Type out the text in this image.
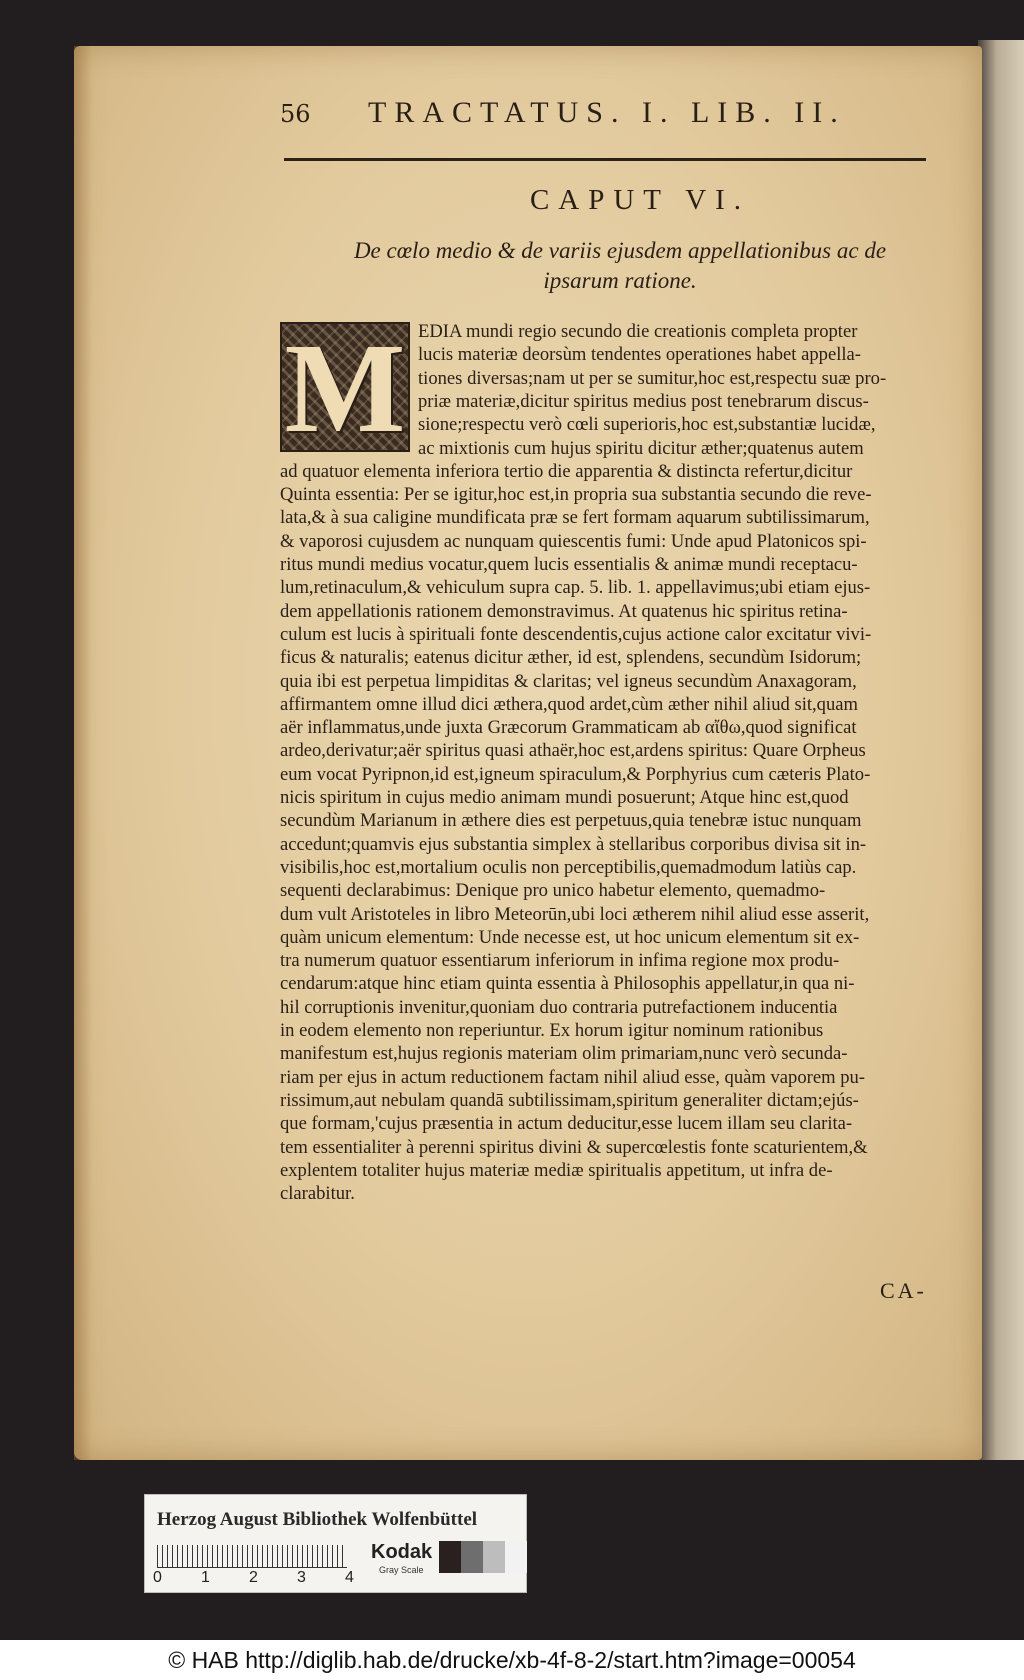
56 TRACTATUS. I. LIB. II.
CAPUT VI.
De cœlo medio & de variis ejusdem appellationibus ac de
ipsarum ratione.
M EDIA mundi regio secundo die creationis completa propter
lucis materiæ deorsùm tendentes operationes habet appella-
tiones diversas;nam ut per se sumitur,hoc est,respectu suæ pro-
priæ materiæ,dicitur spiritus medius post tenebrarum discus-
sione;respectu verò cœli superioris,hoc est,substantiæ lucidæ,
ac mixtionis cum hujus spiritu dicitur æther;quatenus autem
ad quatuor elementa inferiora tertio die apparentia & distincta refertur,dicitur
Quinta essentia: Per se igitur,hoc est,in propria sua substantia secundo die reve-
lata,& à sua caligine mundificata præ se fert formam aquarum subtilissimarum,
& vaporosi cujusdem ac nunquam quiescentis fumi: Unde apud Platonicos spi-
ritus mundi medius vocatur,quem lucis essentialis & animæ mundi receptacu-
lum,retinaculum,& vehiculum supra cap. 5. lib. 1. appellavimus;ubi etiam ejus-
dem appellationis rationem demonstravimus. At quatenus hic spiritus retina-
culum est lucis à spirituali fonte descendentis,cujus actione calor excitatur vivi-
ficus & naturalis; eatenus dicitur æther, id est, splendens, secundùm Isidorum;
quia ibi est perpetua limpiditas & claritas; vel igneus secundùm Anaxagoram,
affirmantem omne illud dici æthera,quod ardet,cùm æther nihil aliud sit,quam
aër inflammatus,unde juxta Græcorum Grammaticam ab αἴθω,quod significat
ardeo,derivatur;aër spiritus quasi athaër,hoc est,ardens spiritus: Quare Orpheus
eum vocat Pyripnon,id est,igneum spiraculum,& Porphyrius cum cæteris Plato-
nicis spiritum in cujus medio animam mundi posuerunt; Atque hinc est,quod
secundùm Marianum in æthere dies est perpetuus,quia tenebræ istuc nunquam
accedunt;quamvis ejus substantia simplex à stellaribus corporibus divisa sit in-
visibilis,hoc est,mortalium oculis non perceptibilis,quemadmodum latiùs cap.
sequenti declarabimus: Denique pro unico habetur elemento, quemadmo-
dum vult Aristoteles in libro Meteorūn,ubi loci ætherem nihil aliud esse asserit,
quàm unicum elementum: Unde necesse est, ut hoc unicum elementum sit ex-
tra numerum quatuor essentiarum inferiorum in infima regione mox produ-
cendarum:atque hinc etiam quinta essentia à Philosophis appellatur,in qua ni-
hil corruptionis invenitur,quoniam duo contraria putrefactionem inducentia
in eodem elemento non reperiuntur. Ex horum igitur nominum rationibus
manifestum est,hujus regionis materiam olim primariam,nunc verò secunda-
riam per ejus in actum reductionem factam nihil aliud esse, quàm vaporem pu-
rissimum,aut nebulam quandā subtilissimam,spiritum generaliter dictam;ejús-
que formam,'cujus præsentia in actum deducitur,esse lucem illam seu clarita-
tem essentialiter à perenni spiritus divini & supercœlestis fonte scaturientem,&
explentem totaliter hujus materiæ mediæ spiritualis appetitum, ut infra de-
clarabitur.
CA-
Herzog August Bibliothek Wolfenbüttel
0 1 2 3 4
Kodak
Gray Scale
© HAB http://diglib.hab.de/drucke/xb-4f-8-2/start.htm?image=00054
